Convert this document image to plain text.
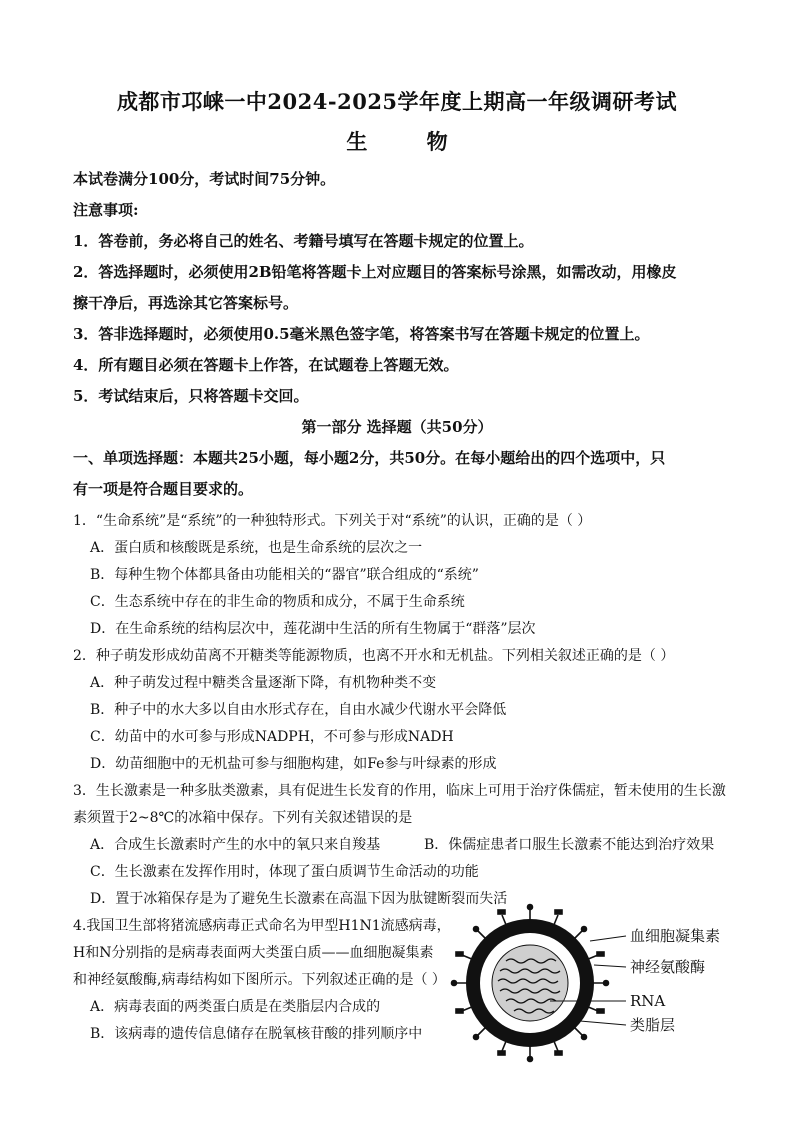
成都市邛崃一中2024-2025学年度上期高一年级调研考试
生 物
本试卷满分100分，考试时间75分钟。
注意事项:
1．答卷前，务必将自己的姓名、考籍号填写在答题卡规定的位置上。
2．答选择题时，必须使用2B铅笔将答题卡上对应题目的答案标号涂黑，如需改动，用橡皮
擦干净后，再选涂其它答案标号。
3．答非选择题时，必须使用0.5毫米黑色签字笔，将答案书写在答题卡规定的位置上。
4．所有题目必须在答题卡上作答，在试题卷上答题无效。
5．考试结束后，只将答题卡交回。
第一部分 选择题（共50分）
一、单项选择题：本题共25小题，每小题2分，共50分。在每小题给出的四个选项中，只
有一项是符合题目要求的。
1．“生命系统”是“系统”的一种独特形式。下列关于对“系统”的认识，正确的是（ ）
A．蛋白质和核酸既是系统，也是生命系统的层次之一
B．每种生物个体都具备由功能相关的“器官”联合组成的“系统”
C．生态系统中存在的非生命的物质和成分，不属于生命系统
D．在生命系统的结构层次中，莲花湖中生活的所有生物属于“群落”层次
2．种子萌发形成幼苗离不开糖类等能源物质，也离不开水和无机盐。下列相关叙述正确的是（ ）
A．种子萌发过程中糖类含量逐渐下降，有机物种类不变
B．种子中的水大多以自由水形式存在，自由水减少代谢水平会降低
C．幼苗中的水可参与形成NADPH，不可参与形成NADH
D．幼苗细胞中的无机盐可参与细胞构建，如Fe参与叶绿素的形成
3．生长激素是一种多肽类激素，具有促进生长发育的作用，临床上可用于治疗侏儒症，暂未使用的生长激
素须置于2~8℃的冰箱中保存。下列有关叙述错误的是
A．合成生长激素时产生的水中的氧只来自羧基	B．侏儒症患者口服生长激素不能达到治疗效果
C．生长激素在发挥作用时，体现了蛋白质调节生命活动的功能
D．置于冰箱保存是为了避免生长激素在高温下因为肽键断裂而失活
4.我国卫生部将猪流感病毒正式命名为甲型H1N1流感病毒，
H和N分别指的是病毒表面两大类蛋白质——血细胞凝集素
和神经氨酸酶,病毒结构如下图所示。下列叙述正确的是（ ）
A．病毒表面的两类蛋白质是在类脂层内合成的
B．该病毒的遗传信息储存在脱氧核苷酸的排列顺序中
血细胞凝集素
神经氨酸酶
RNA
类脂层
